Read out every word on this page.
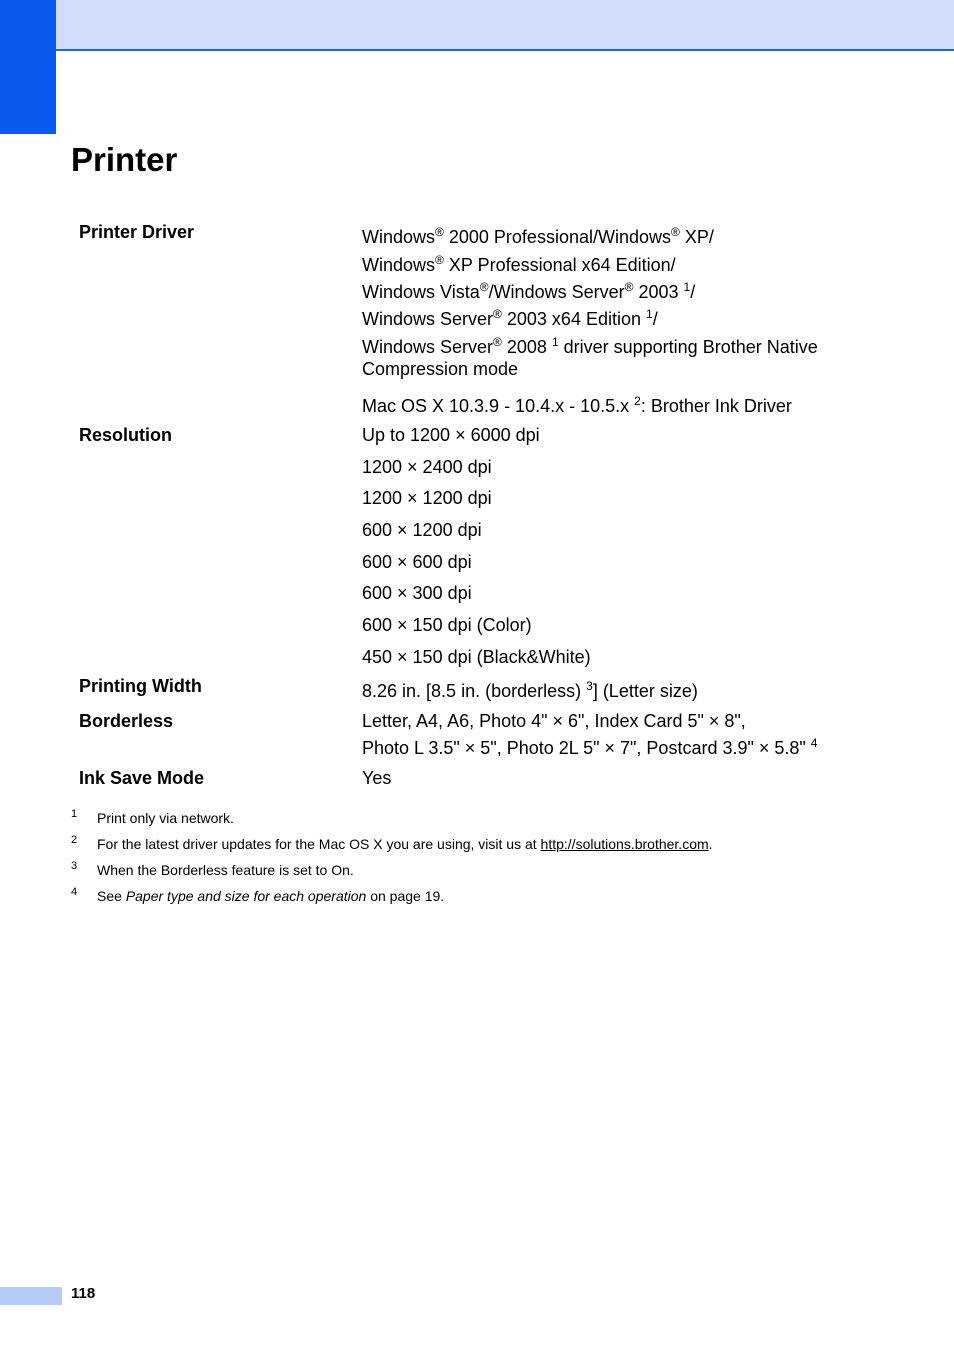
Printer
Printer Driver	Windows® 2000 Professional/Windows® XP/
Windows® XP Professional x64 Edition/
Windows Vista®/Windows Server® 2003 $^1$/
Windows Server® 2003 x64 Edition $^1$/
Windows Server® 2008 $^1$ driver supporting Brother Native
Compression mode
Mac OS X 10.3.9 - 10.4.x - 10.5.x $^2$: Brother Ink Driver
Resolution	Up to 1200 × 6000 dpi
1200 × 2400 dpi
1200 × 1200 dpi
600 × 1200 dpi
600 × 600 dpi
600 × 300 dpi
600 × 150 dpi (Color)
450 × 150 dpi (Black&White)
Printing Width	8.26 in. [8.5 in. (borderless) $^3$] (Letter size)
Borderless	Letter, A4, A6, Photo 4" × 6", Index Card 5" × 8",
Photo L 3.5" × 5", Photo 2L 5" × 7", Postcard 3.9" × 5.8" $^4$
Ink Save Mode	Yes
1 Print only via network.
2 For the latest driver updates for the Mac OS X you are using, visit us at http://solutions.brother.com.
3 When the Borderless feature is set to On.
4 See Paper type and size for each operation on page 19.
118
